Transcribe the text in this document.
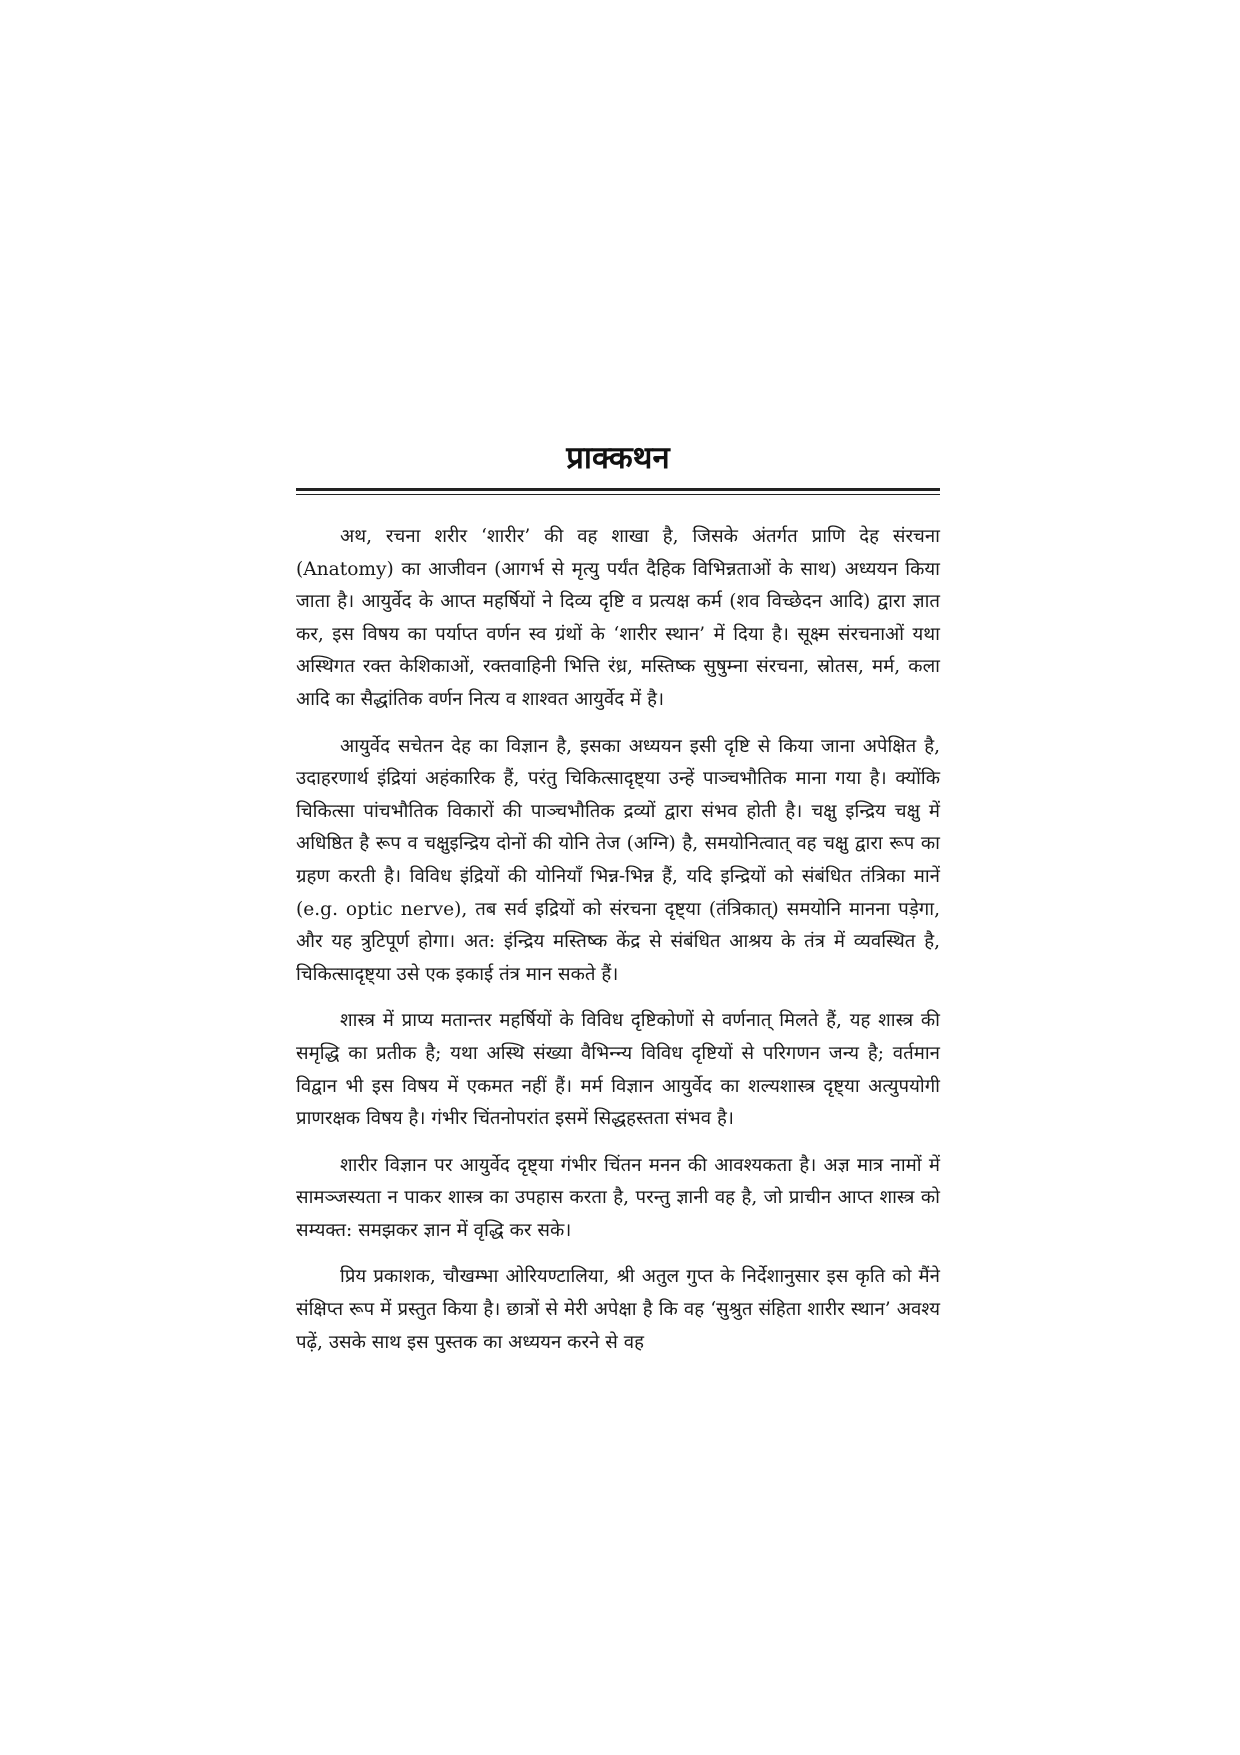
प्राक्कथन

अथ, रचना शरीर ‘शारीर’ की वह शाखा है, जिसके अंतर्गत प्राणि देह संरचना (Anatomy) का आजीवन (आगर्भ से मृत्यु पर्यंत दैहिक विभिन्नताओं के साथ) अध्ययन किया जाता है। आयुर्वेद के आप्त महर्षियों ने दिव्य दृष्टि व प्रत्यक्ष कर्म (शव विच्छेदन आदि) द्वारा ज्ञात कर, इस विषय का पर्याप्त वर्णन स्व ग्रंथों के ‘शारीर स्थान’ में दिया है। सूक्ष्म संरचनाओं यथा अस्थिगत रक्त केशिकाओं, रक्तवाहिनी भित्ति रंध्र, मस्तिष्क सुषुम्ना संरचना, स्रोतस, मर्म, कला आदि का सैद्धांतिक वर्णन नित्य व शाश्वत आयुर्वेद में है।

आयुर्वेद सचेतन देह का विज्ञान है, इसका अध्ययन इसी दृष्टि से किया जाना अपेक्षित है, उदाहरणार्थ इंद्रियां अहंकारिक हैं, परंतु चिकित्सादृष्ट्या उन्हें पाञ्चभौतिक माना गया है। क्योंकि चिकित्सा पांचभौतिक विकारों की पाञ्चभौतिक द्रव्यों द्वारा संभव होती है। चक्षु इन्द्रिय चक्षु में अधिष्ठित है रूप व चक्षुइन्द्रिय दोनों की योनि तेज (अग्नि) है, समयोनित्वात् वह चक्षु द्वारा रूप का ग्रहण करती है। विविध इंद्रियों की योनियाँ भिन्न-भिन्न हैं, यदि इन्द्रियों को संबंधित तंत्रिका मानें (e.g. optic nerve), तब सर्व इद्रियों को संरचना दृष्ट्या (तंत्रिकात्) समयोनि मानना पड़ेगा, और यह त्रुटिपूर्ण होगा। अत: इंन्द्रिय मस्तिष्क केंद्र से संबंधित आश्रय के तंत्र में व्यवस्थित है, चिकित्सादृष्ट्या उसे एक इकाई तंत्र मान सकते हैं।

शास्त्र में प्राप्य मतान्तर महर्षियों के विविध दृष्टिकोणों से वर्णनात् मिलते हैं, यह शास्त्र की समृद्धि का प्रतीक है; यथा अस्थि संख्या वैभिन्न्य विविध दृष्टियों से परिगणन जन्य है; वर्तमान विद्वान भी इस विषय में एकमत नहीं हैं। मर्म विज्ञान आयुर्वेद का शल्यशास्त्र दृष्ट्या अत्युपयोगी प्राणरक्षक विषय है। गंभीर चिंतनोपरांत इसमें सिद्धहस्तता संभव है।

शारीर विज्ञान पर आयुर्वेद दृष्ट्या गंभीर चिंतन मनन की आवश्यकता है। अज्ञ मात्र नामों में सामञ्जस्यता न पाकर शास्त्र का उपहास करता है, परन्तु ज्ञानी वह है, जो प्राचीन आप्त शास्त्र को सम्यक्त: समझकर ज्ञान में वृद्धि कर सके।

प्रिय प्रकाशक, चौखम्भा ओरियण्टालिया, श्री अतुल गुप्त के निर्देशानुसार इस कृति को मैंने संक्षिप्त रूप में प्रस्तुत किया है। छात्रों से मेरी अपेक्षा है कि वह ‘सुश्रुत संहिता शारीर स्थान’ अवश्य पढ़ें, उसके साथ इस पुस्तक का अध्ययन करने से वह
